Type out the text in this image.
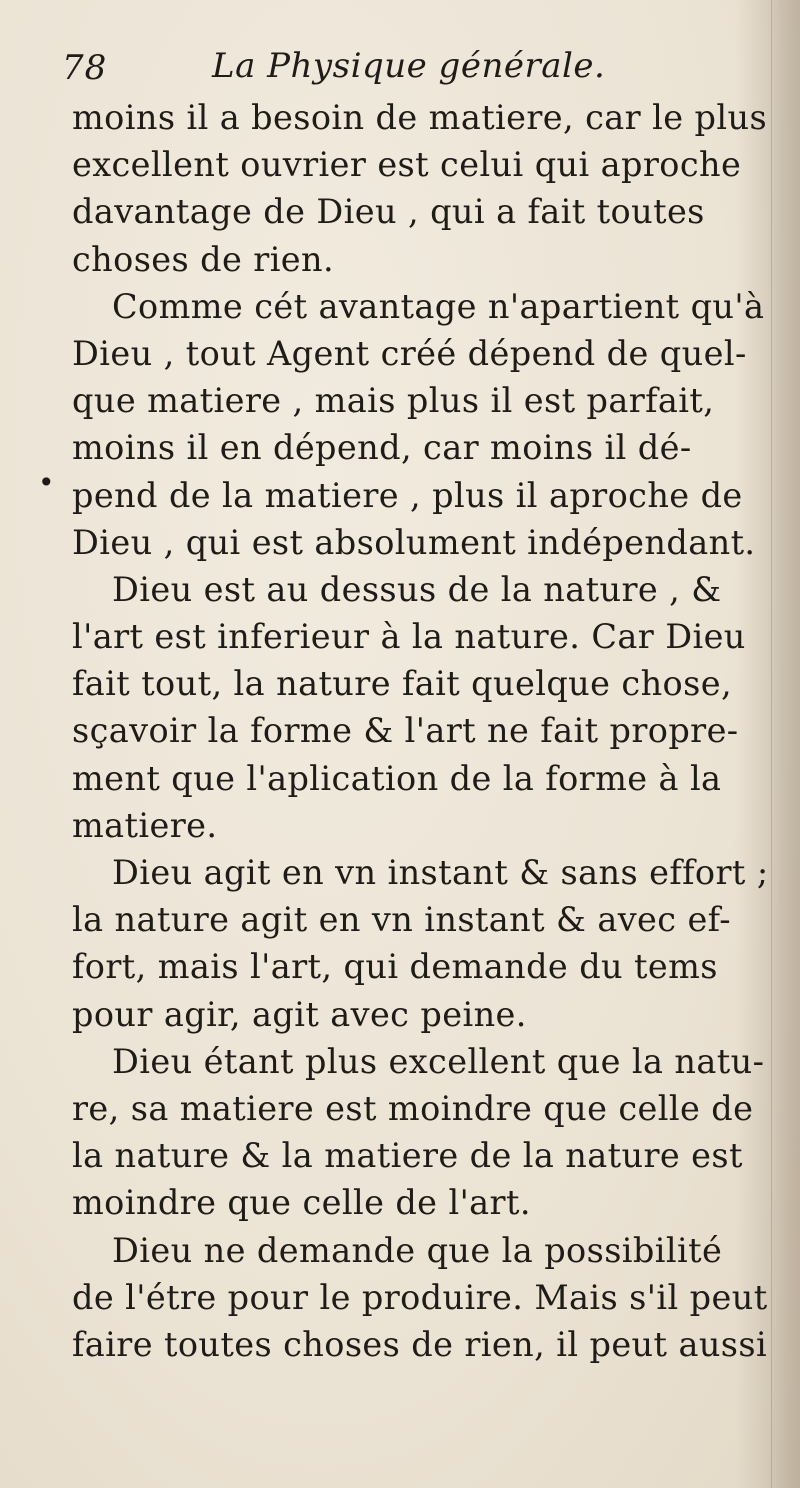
78	La Physique générale.
•
moins il a besoin de matiere, car le plus
excellent ouvrier est celui qui aproche
davantage de Dieu , qui a fait toutes
choses de rien.
Comme cét avantage n'apartient qu'à
Dieu , tout Agent créé dépend de quel-
que matiere , mais plus il est parfait,
moins il en dépend, car moins il dé-
pend de la matiere , plus il aproche de
Dieu , qui est absolument indépendant.
Dieu est au dessus de la nature , &
l'art est inferieur à la nature. Car Dieu
fait tout, la nature fait quelque chose,
sçavoir la forme & l'art ne fait propre-
ment que l'aplication de la forme à la
matiere.
Dieu agit en vn instant & sans effort ;
la nature agit en vn instant & avec ef-
fort, mais l'art, qui demande du tems
pour agir, agit avec peine.
Dieu étant plus excellent que la natu-
re, sa matiere est moindre que celle de
la nature & la matiere de la nature est
moindre que celle de l'art.
Dieu ne demande que la possibilité
de l'étre pour le produire. Mais s'il peut
faire toutes choses de rien, il peut aussi
